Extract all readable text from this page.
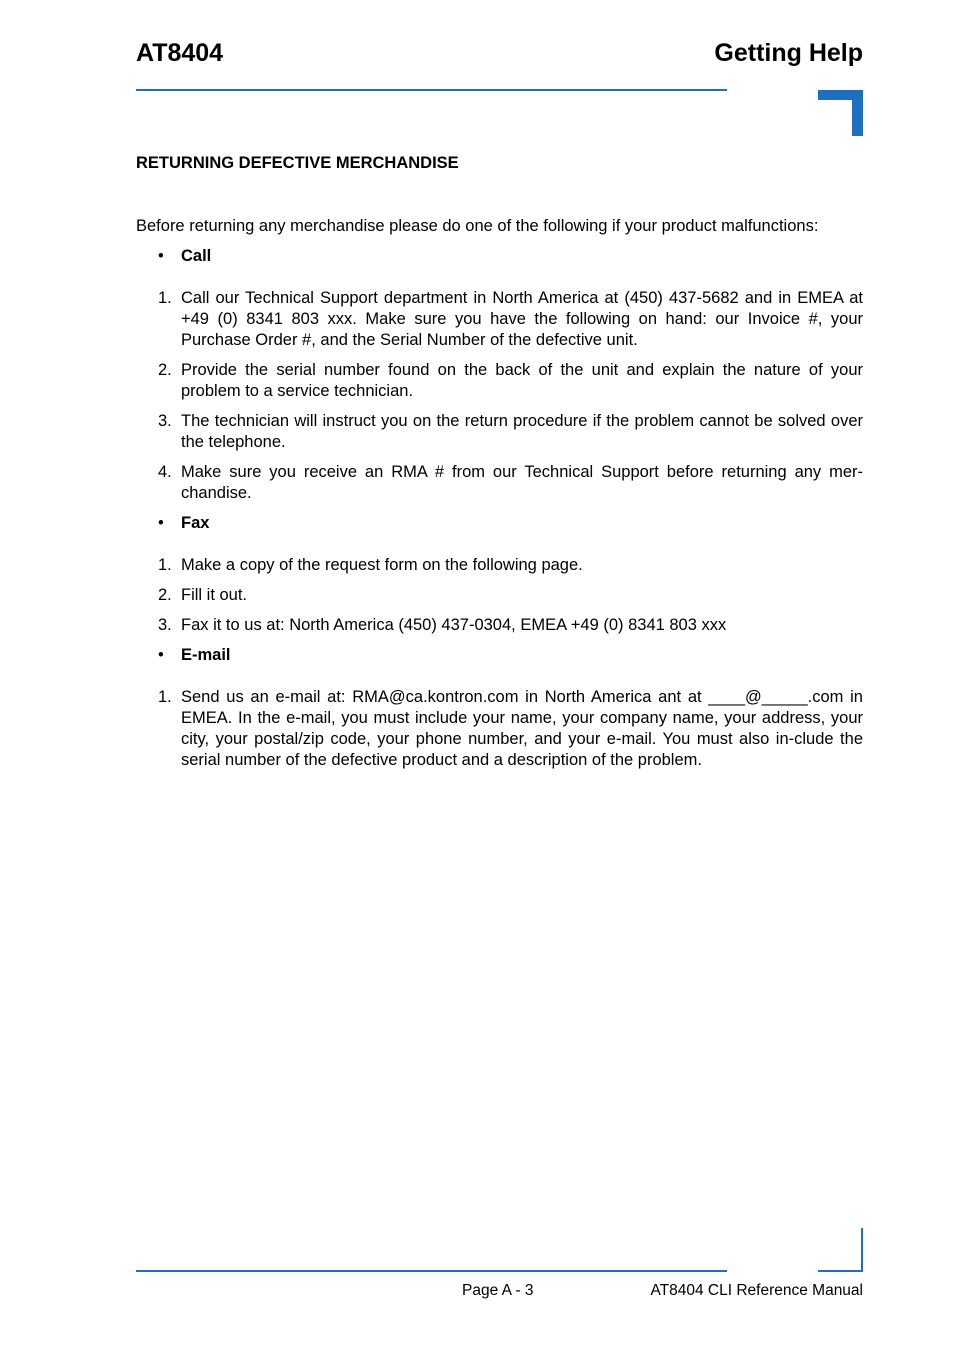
AT8404	Getting Help
RETURNING DEFECTIVE MERCHANDISE

Before returning any merchandise please do one of the following if your product malfunctions:

• Call
1. Call our Technical Support department in North America at (450) 437-5682 and in EMEA at +49 (0) 8341 803 xxx. Make sure you have the following on hand: our Invoice #, your Purchase Order #, and the Serial Number of the defective unit.
2. Provide the serial number found on the back of the unit and explain the nature of your problem to a service technician.
3. The technician will instruct you on the return procedure if the problem cannot be solved over the telephone.
4. Make sure you receive an RMA # from our Technical Support before returning any mer-chandise.
• Fax
1. Make a copy of the request form on the following page.
2. Fill it out.
3. Fax it to us at: North America (450) 437-0304, EMEA +49 (0) 8341 803 xxx
• E-mail
1. Send us an e-mail at: RMA@ca.kontron.com in North America ant at ____@_____.com in EMEA. In the e-mail, you must include your name, your company name, your address, your city, your postal/zip code, your phone number, and your e-mail. You must also in-clude the serial number of the defective product and a description of the problem.
Page A - 3	AT8404 CLI Reference Manual
